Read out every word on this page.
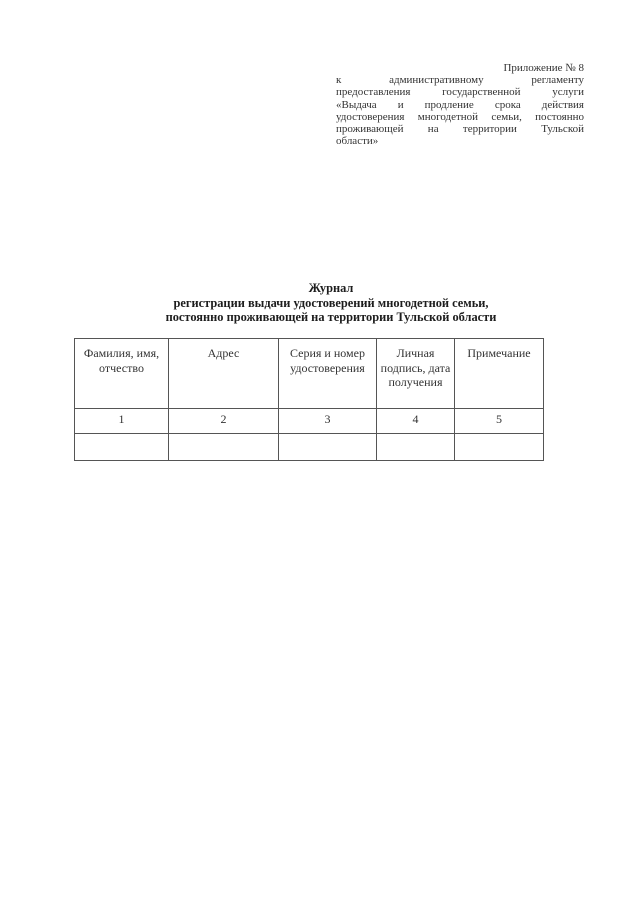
Приложение № 8
к административному регламенту
предоставления государственной услуги
«Выдача и продление срока действия
удостоверения многодетной семьи, постоянно
проживающей на территории Тульской
области»
Журнал
регистрации выдачи удостоверений многодетной семьи,
постоянно проживающей на территории Тульской области
Фамилия, имя, отчество	Адрес	Серия и номер удостоверения	Личная подпись, дата получения	Примечание
1	2	3	4	5
